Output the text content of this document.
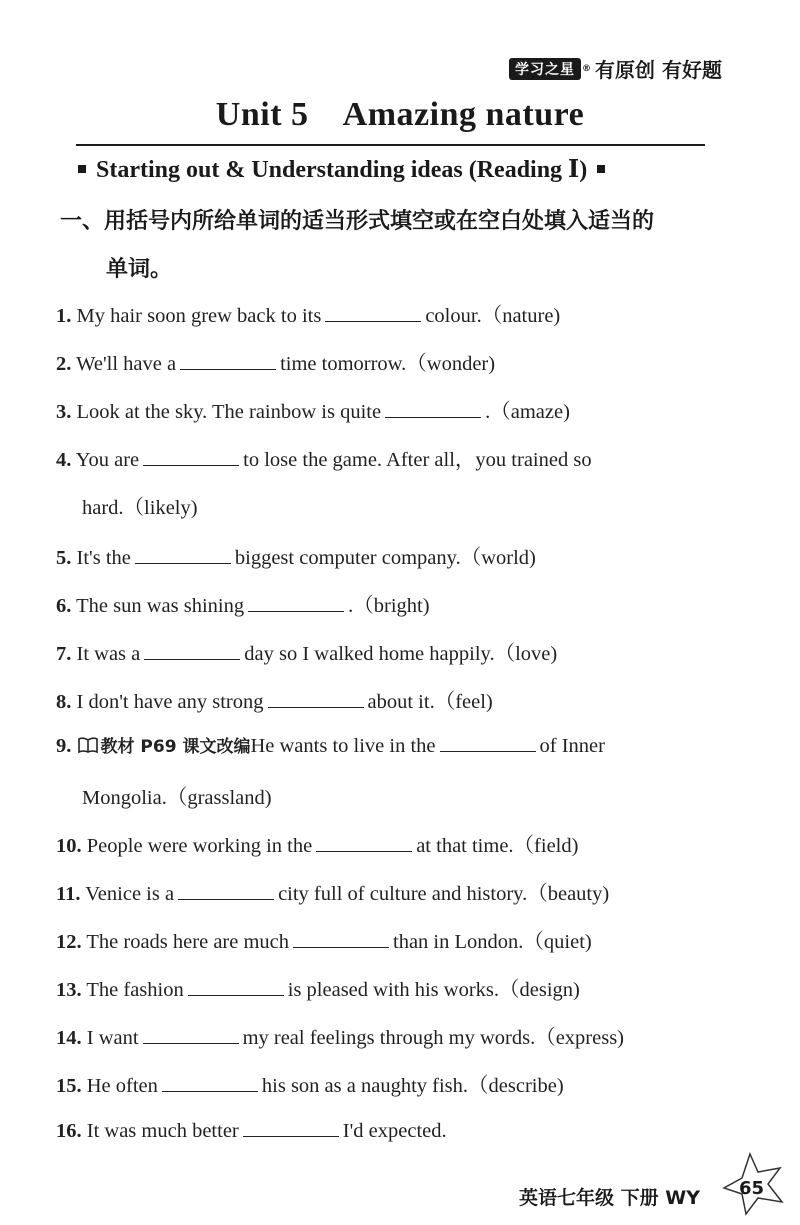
学习之星 ® 有原创 有好题
Unit 5    Amazing nature
Starting out & Understanding ideas (Reading Ⅰ)
一、用括号内所给单词的适当形式填空或在空白处填入适当的
单词。
1. My hair soon grew back to its	colour.（nature)
2. We'll have a	time tomorrow.（wonder)
3. Look at the sky. The rainbow is quite	.（amaze)
4. You are	to lose the game. After all，you trained so
hard.（likely)
5. It's the	biggest computer company.（world)
6. The sun was shining	.（bright)
7. It was a	day so I walked home happily.（love)
8. I don't have any strong	about it.（feel)
9. 教材 P69 课文改编He wants to live in the	of Inner
Mongolia.（grassland)
10. People were working in the	at that time.（field)
11. Venice is a	city full of culture and history.（beauty)
12. The roads here are much	than in London.（quiet)
13. The fashion	is pleased with his works.（design)
14. I want	my real feelings through my words.（express)
15. He often	his son as a naughty fish.（describe)
16. It was much better	I'd expected.
英语七年级 下册 WY 65
